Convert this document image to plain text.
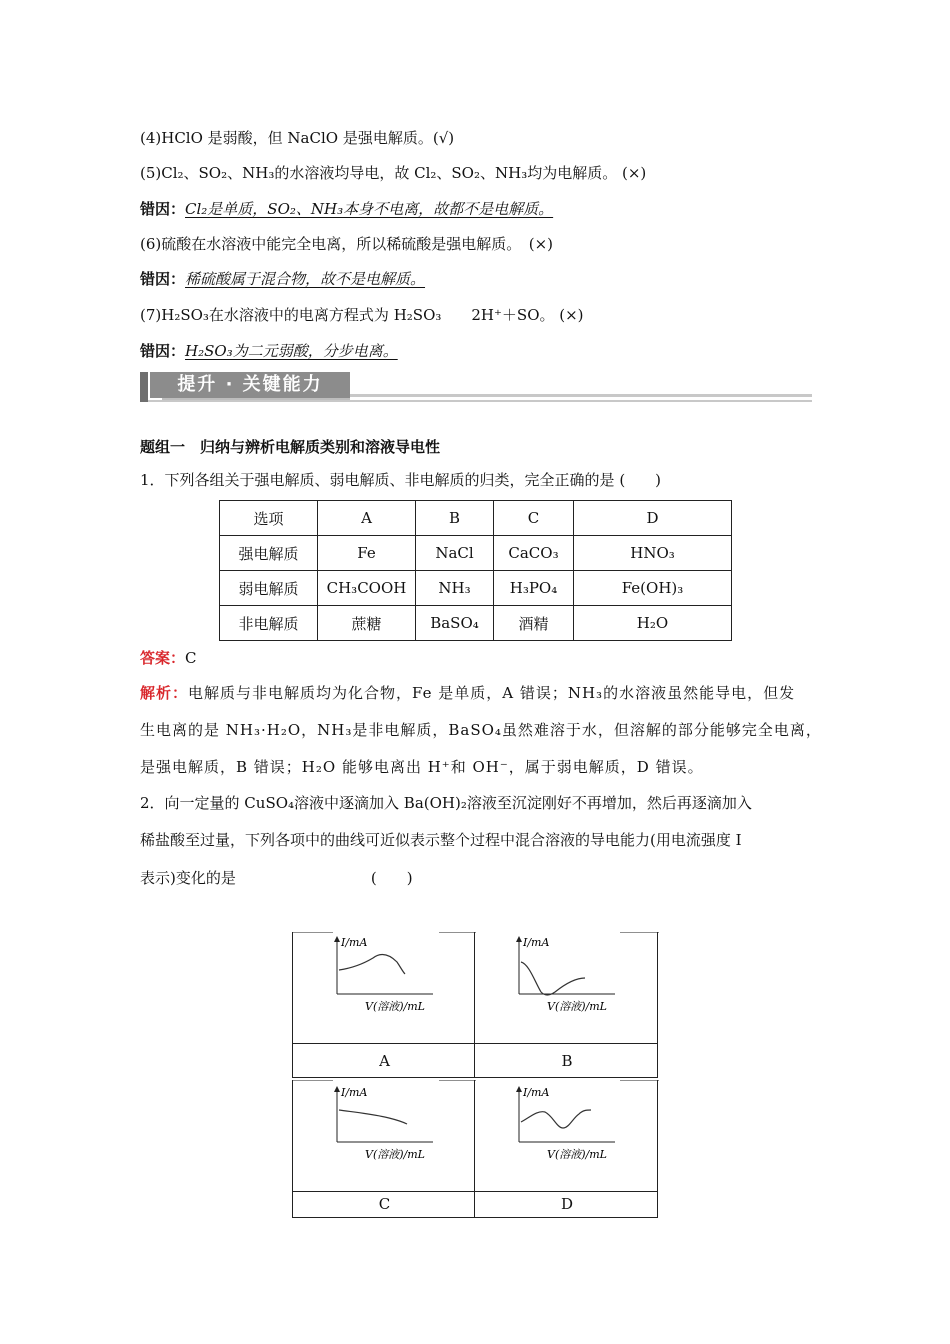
(4)HClO 是弱酸，但 NaClO 是强电解质。(√)
(5)Cl₂、SO₂、NH₃的水溶液均导电，故 Cl₂、SO₂、NH₃均为电解质。 (×)
错因：Cl₂是单质，SO₂、NH₃本身不电离，故都不是电解质。
(6)硫酸在水溶液中能完全电离，所以稀硫酸是强电解质。　(×)
错因：稀硫酸属于混合物，故不是电解质。
(7)H₂SO₃在水溶液中的电离方程式为 H₂SO₃　　2H⁺＋SO。 (×)
错因：H₂SO₃为二元弱酸，分步电离。
提升 · 关键能力
题组一　归纳与辨析电解质类别和溶液导电性
1．下列各组关于强电解质、弱电解质、非电解质的归类，完全正确的是 (　　)
选项	A	B	C	D
强电解质	Fe	NaCl	CaCO₃	HNO₃
弱电解质	CH₃COOH	NH₃	H₃PO₄	Fe(OH)₃
非电解质	蔗糖	BaSO₄	酒精	H₂O
答案：C
解析：电解质与非电解质均为化合物，Fe 是单质，A 错误；NH₃的水溶液虽然能导电，但发
生电离的是 NH₃·H₂O，NH₃是非电解质，BaSO₄虽然难溶于水，但溶解的部分能够完全电离，
是强电解质，B 错误；H₂O 能够电离出 H⁺和 OH⁻，属于弱电解质，D 错误。
2．向一定量的 CuSO₄溶液中逐滴加入 Ba(OH)₂溶液至沉淀刚好不再增加，然后再逐滴加入
稀盐酸至过量，下列各项中的曲线可近似表示整个过程中混合溶液的导电能力(用电流强度 I
表示)变化的是　　　　　　　　　(　　)
I/mA
V(溶液)/mL
I/mA
V(溶液)/mL
A	B
I/mA
V(溶液)/mL
I/mA
V(溶液)/mL
C	D
